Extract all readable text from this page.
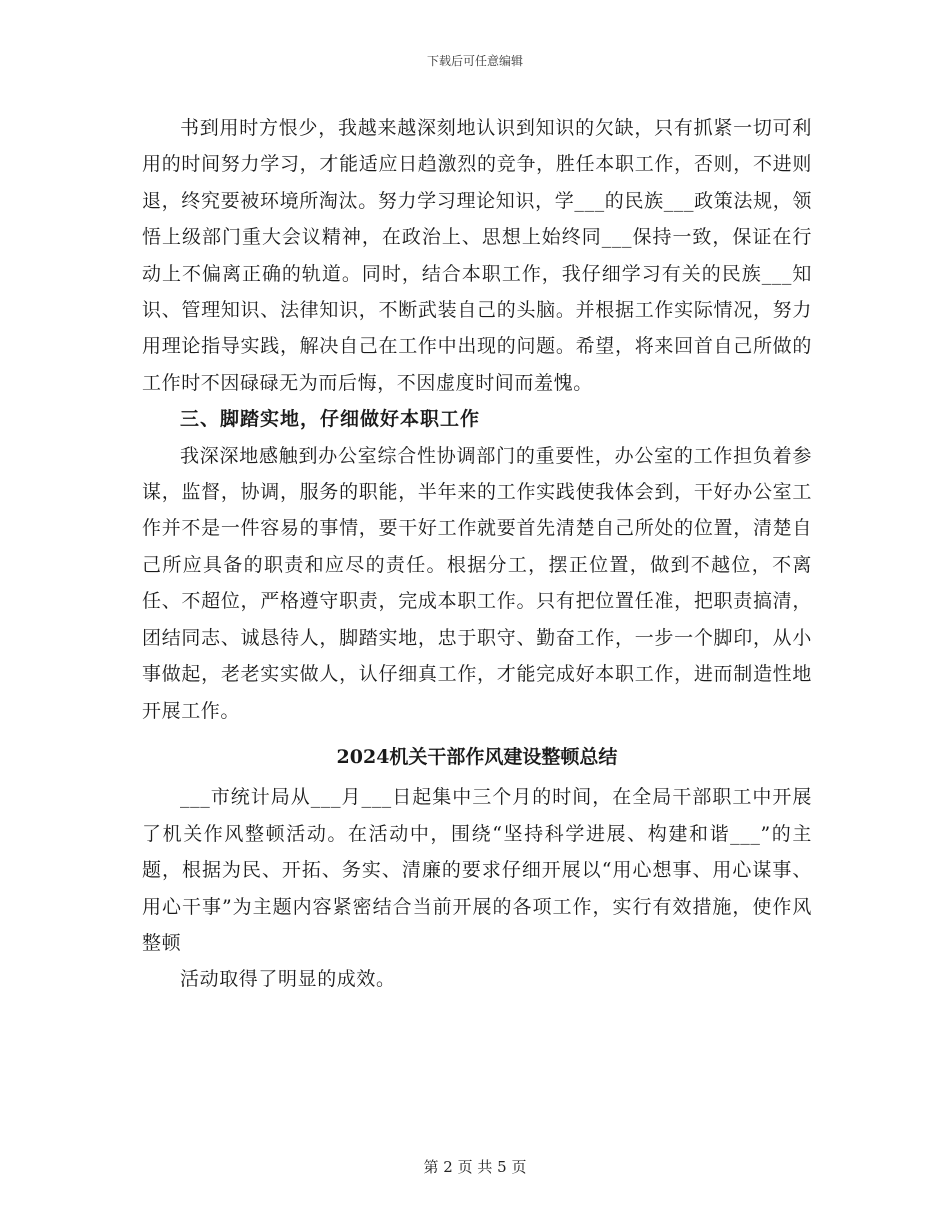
下载后可任意编辑

书到用时方恨少，我越来越深刻地认识到知识的欠缺，只有抓紧一切可利用的时间努力学习，才能适应日趋激烈的竞争，胜任本职工作，否则，不进则退，终究要被环境所淘汰。努力学习理论知识，学___的民族___政策法规，领悟上级部门重大会议精神，在政治上、思想上始终同___保持一致，保证在行动上不偏离正确的轨道。同时，结合本职工作，我仔细学习有关的民族___知识、管理知识、法律知识，不断武装自己的头脑。并根据工作实际情况，努力用理论指导实践，解决自己在工作中出现的问题。希望，将来回首自己所做的工作时不因碌碌无为而后悔，不因虚度时间而羞愧。

三、脚踏实地，仔细做好本职工作

我深深地感触到办公室综合性协调部门的重要性，办公室的工作担负着参谋，监督，协调，服务的职能，半年来的工作实践使我体会到，干好办公室工作并不是一件容易的事情，要干好工作就要首先清楚自己所处的位置，清楚自己所应具备的职责和应尽的责任。根据分工，摆正位置，做到不越位，不离任、不超位，严格遵守职责，完成本职工作。只有把位置任准，把职责搞清，团结同志、诚恳待人，脚踏实地，忠于职守、勤奋工作，一步一个脚印，从小事做起，老老实实做人，认仔细真工作，才能完成好本职工作，进而制造性地开展工作。

2024机关干部作风建设整顿总结

___市统计局从___月___日起集中三个月的时间，在全局干部职工中开展了机关作风整顿活动。在活动中，围绕“坚持科学进展、构建和谐___”的主题，根据为民、开拓、务实、清廉的要求仔细开展以“用心想事、用心谋事、用心干事”为主题内容紧密结合当前开展的各项工作，实行有效措施，使作风整顿

活动取得了明显的成效。

第 2 页 共 5 页
